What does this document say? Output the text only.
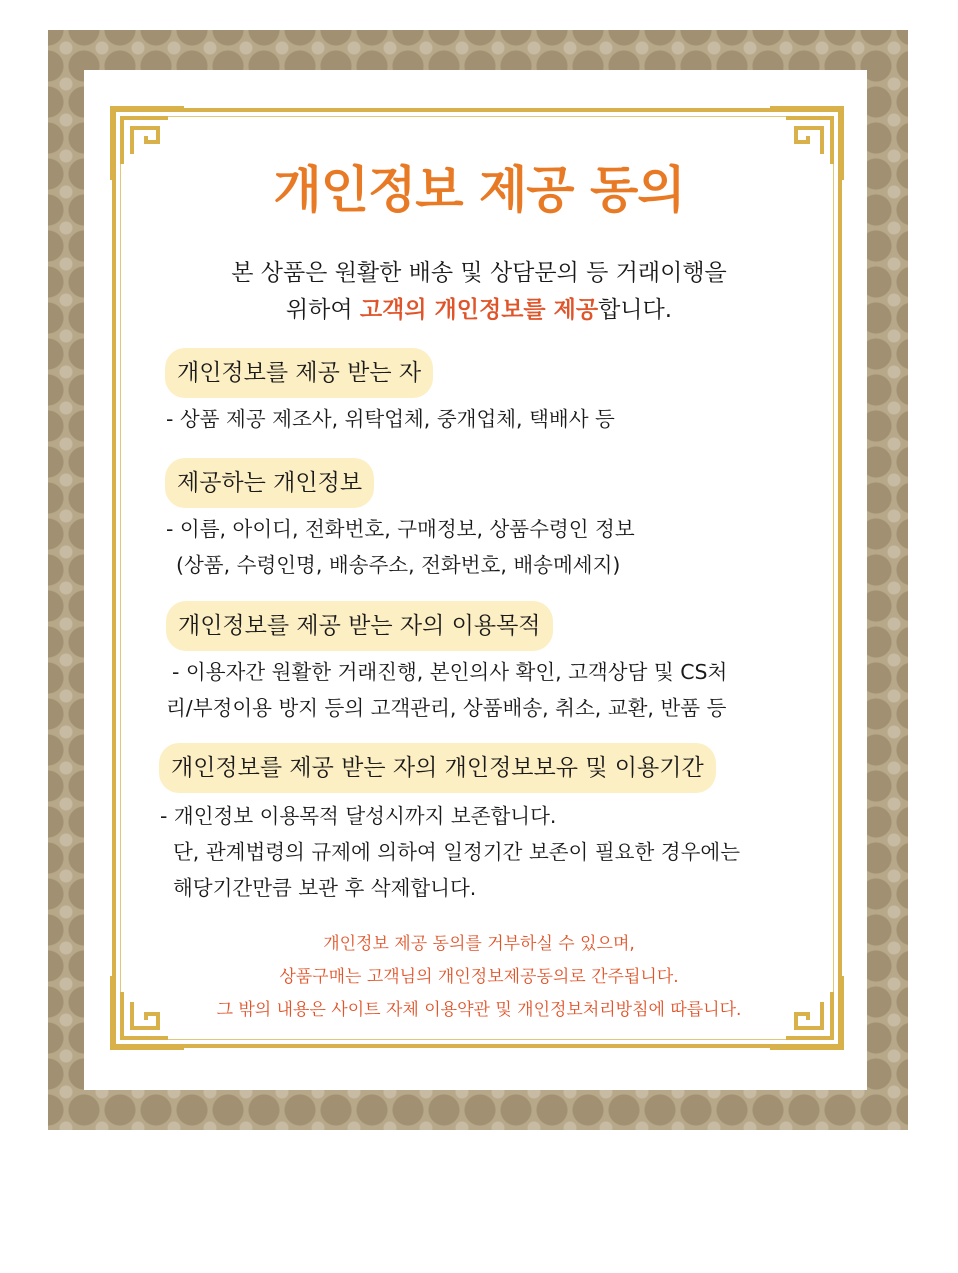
개인정보 제공 동의
본 상품은 원활한 배송 및 상담문의 등 거래이행을
위하여 고객의 개인정보를 제공합니다.
개인정보를 제공 받는 자
- 상품 제공 제조사, 위탁업체, 중개업체, 택배사 등
제공하는 개인정보
- 이름, 아이디, 전화번호, 구매정보, 상품수령인 정보
(상품, 수령인명, 배송주소, 전화번호, 배송메세지)
개인정보를 제공 받는 자의 이용목적
- 이용자간 원활한 거래진행, 본인의사 확인, 고객상담 및 CS처
리/부정이용 방지 등의 고객관리, 상품배송, 취소, 교환, 반품 등
개인정보를 제공 받는 자의 개인정보보유 및 이용기간
- 개인정보 이용목적 달성시까지 보존합니다.
단, 관계법령의 규제에 의하여 일정기간 보존이 필요한 경우에는
해당기간만큼 보관 후 삭제합니다.
개인정보 제공 동의를 거부하실 수 있으며,
상품구매는 고객님의 개인정보제공동의로 간주됩니다.
그 밖의 내용은 사이트 자체 이용약관 및 개인정보처리방침에 따릅니다.
